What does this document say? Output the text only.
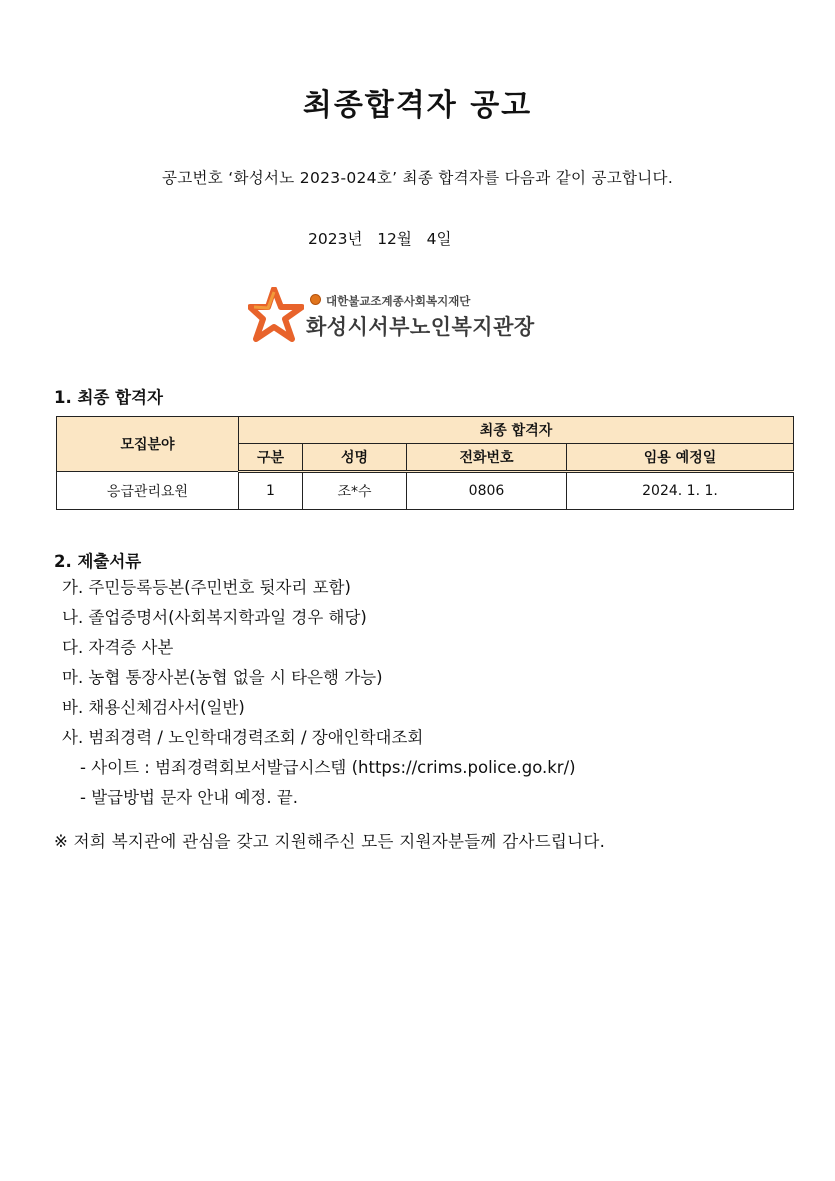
최종합격자 공고
공고번호 ‘화성서노 2023-024호’ 최종 합격자를 다음과 같이 공고합니다.
2023년   12월   4일
대한불교조계종사회복지재단
화성시서부노인복지관장
1. 최종 합격자
모집분야	최종 합격자			
	구분	성명	전화번호	임용 예정일
응급관리요원	1	조*수	0806	2024. 1. 1.
2. 제출서류
가. 주민등록등본(주민번호 뒷자리 포함)
나. 졸업증명서(사회복지학과일 경우 해당)
다. 자격증 사본
마. 농협 통장사본(농협 없을 시 타은행 가능)
바. 채용신체검사서(일반)
사. 범죄경력 / 노인학대경력조회 / 장애인학대조회
- 사이트 : 범죄경력회보서발급시스템 (https://crims.police.go.kr/)
- 발급방법 문자 안내 예정. 끝.
※ 저희 복지관에 관심을 갖고 지원해주신 모든 지원자분들께 감사드립니다.
